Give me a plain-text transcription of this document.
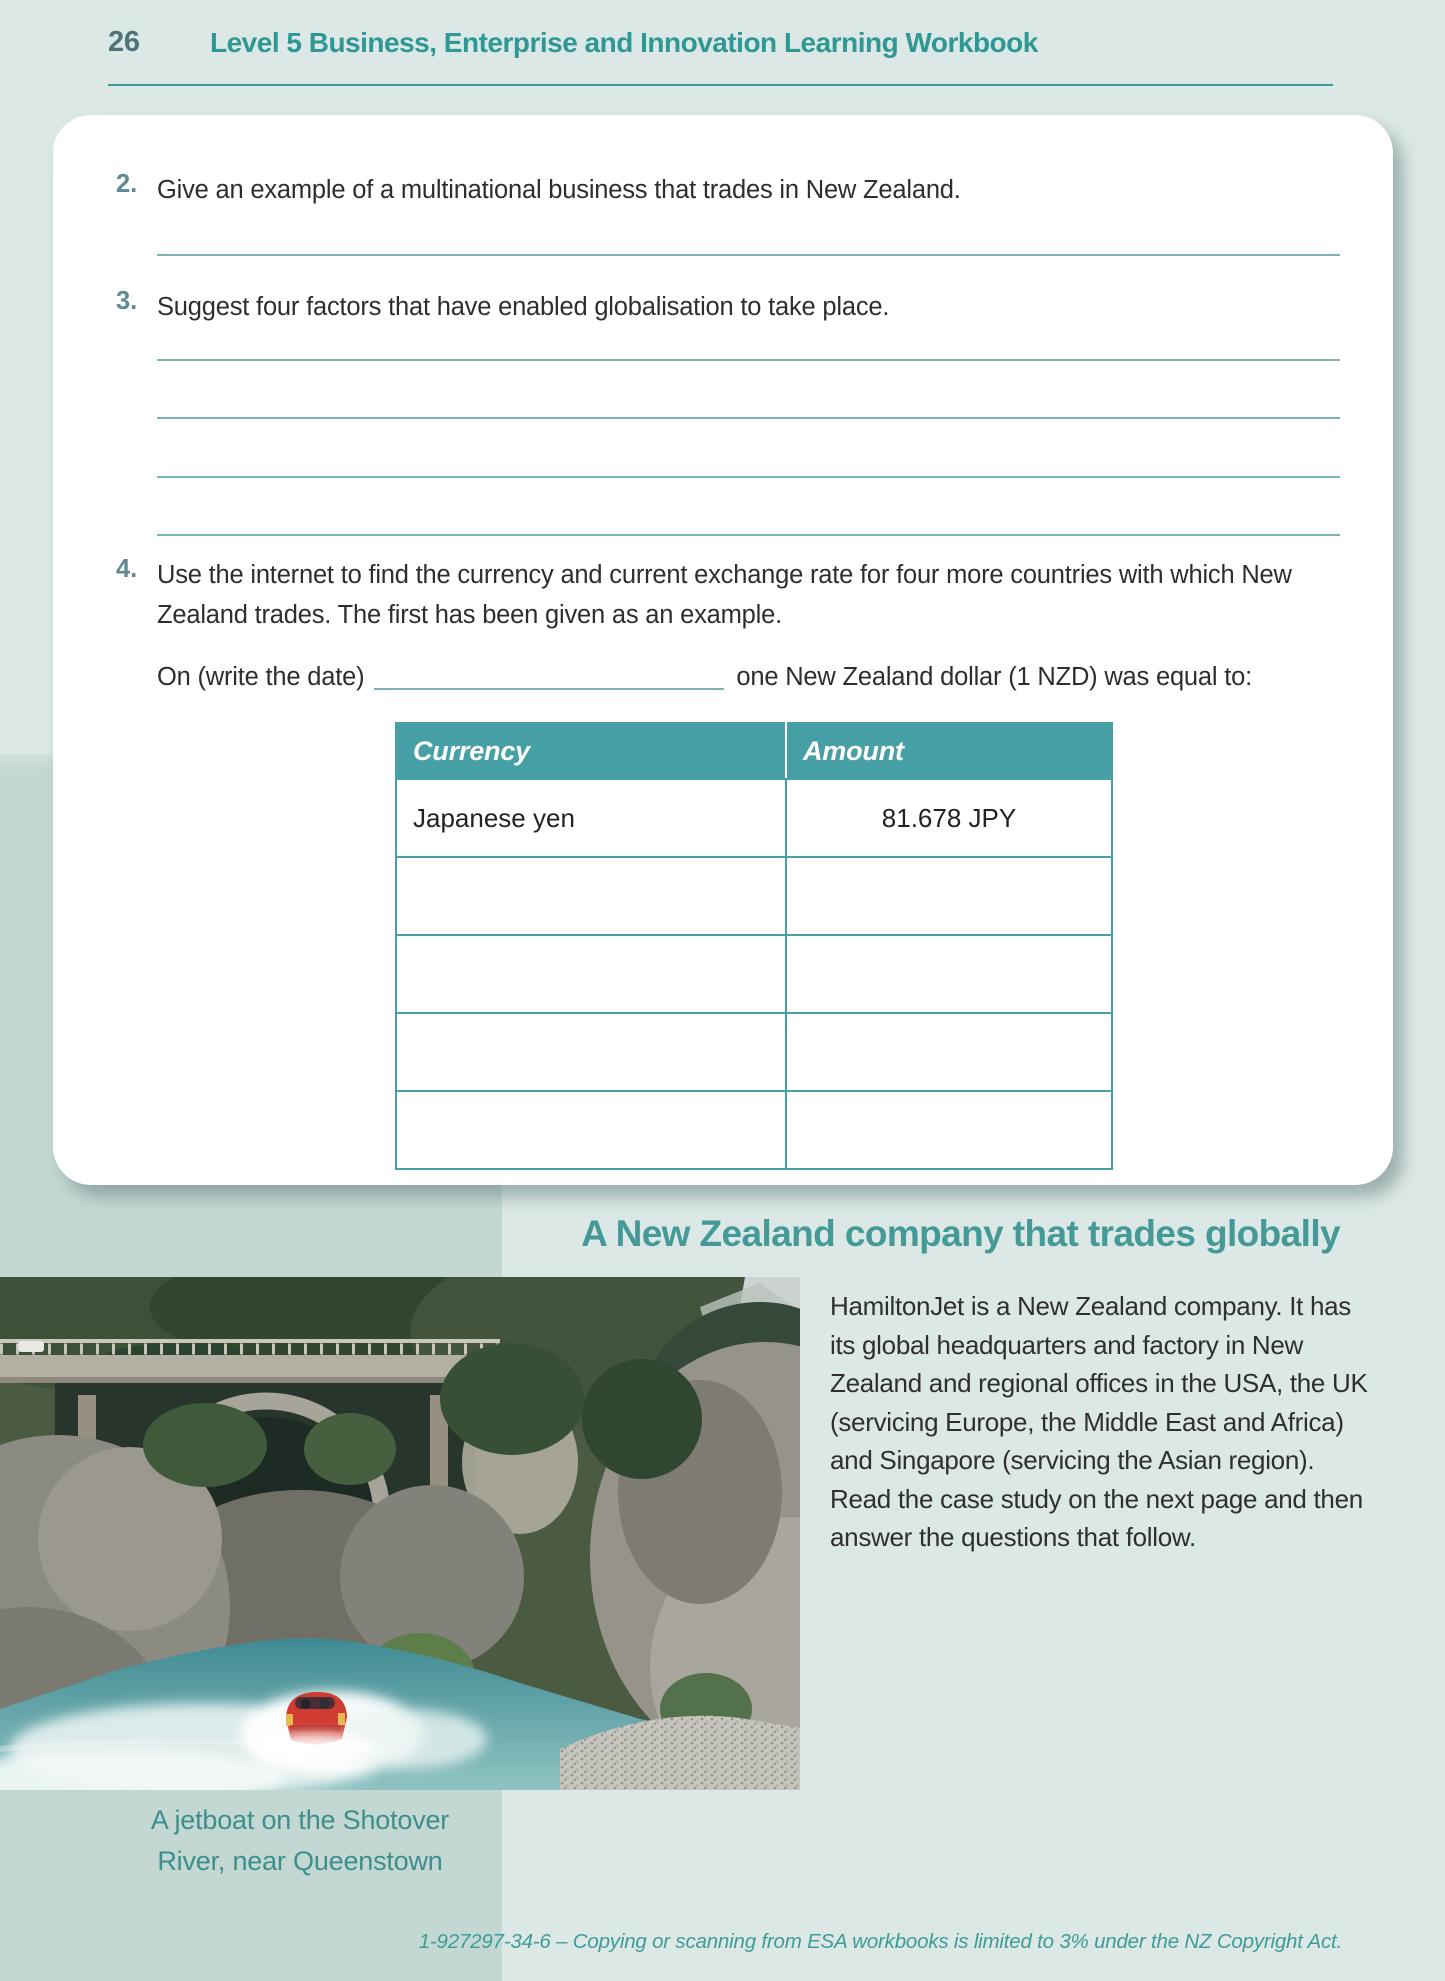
26	Level 5 Business, Enterprise and Innovation Learning Workbook
2. Give an example of a multinational business that trades in New Zealand.
3. Suggest four factors that have enabled globalisation to take place.
4. Use the internet to find the currency and current exchange rate for four more countries with which New Zealand trades. The first has been given as an example.
On (write the date)	one New Zealand dollar (1 NZD) was equal to:
Currency	Amount
Japanese yen	81.678 JPY

A New Zealand company that trades globally
HamiltonJet is a New Zealand company. It has its global headquarters and factory in New Zealand and regional offices in the USA, the UK (servicing Europe, the Middle East and Africa) and Singapore (servicing the Asian region). Read the case study on the next page and then answer the questions that follow.
A jetboat on the Shotover
River, near Queenstown
1-927297-34-6 – Copying or scanning from ESA workbooks is limited to 3% under the NZ Copyright Act.
